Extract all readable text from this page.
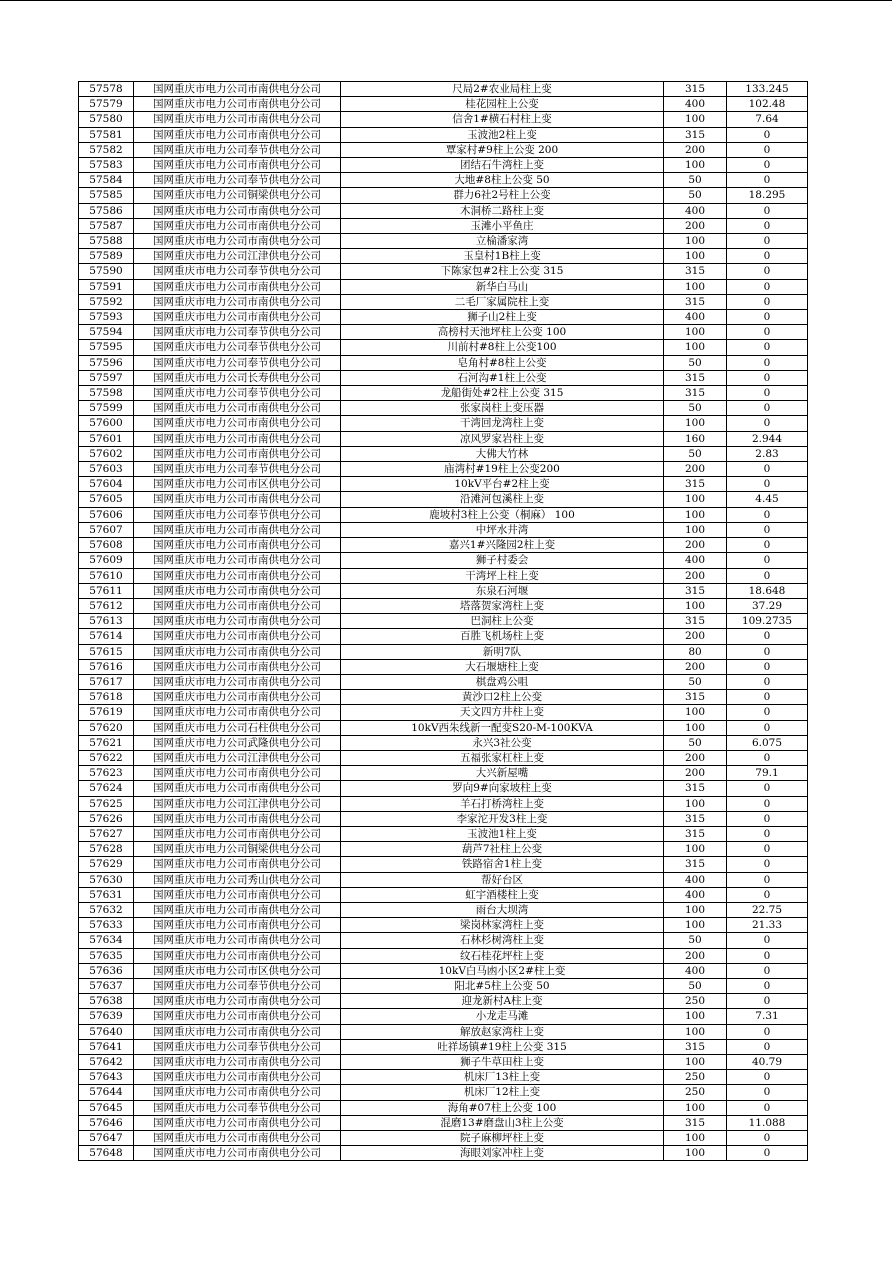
57578	国网重庆市电力公司市南供电分公司	尺局2#农业局柱上变	315	133.245
57579	国网重庆市电力公司市南供电分公司	桂花园柱上公变	400	102.48
57580	国网重庆市电力公司市南供电分公司	信舍1#横石村柱上变	100	7.64
57581	国网重庆市电力公司市南供电分公司	玉波池2柱上变	315	0
57582	国网重庆市电力公司奉节供电分公司	覃家村#9柱上公变 200	200	0
57583	国网重庆市电力公司市南供电分公司	团结石牛湾柱上变	100	0
57584	国网重庆市电力公司奉节供电分公司	大地#8柱上公变 50	50	0
57585	国网重庆市电力公司铜梁供电分公司	群力6社2号柱上公变	50	18.295
57586	国网重庆市电力公司市南供电分公司	木洞桥二路柱上变	400	0
57587	国网重庆市电力公司市南供电分公司	玉滩小平鱼庄	200	0
57588	国网重庆市电力公司市南供电分公司	立棆潘家湾	100	0
57589	国网重庆市电力公司江津供电分公司	玉皇村1B柱上变	100	0
57590	国网重庆市电力公司奉节供电分公司	下陈家包#2柱上公变 315	315	0
57591	国网重庆市电力公司市南供电分公司	新华白马山	100	0
57592	国网重庆市电力公司市南供电分公司	二毛厂家属院柱上变	315	0
57593	国网重庆市电力公司市南供电分公司	狮子山2柱上变	400	0
57594	国网重庆市电力公司奉节供电分公司	高榜村天池坪柱上公变 100	100	0
57595	国网重庆市电力公司奉节供电分公司	川前村#8柱上公变100	100	0
57596	国网重庆市电力公司奉节供电分公司	皂角村#8柱上公变	50	0
57597	国网重庆市电力公司长寿供电分公司	石河沟#1柱上公变	315	0
57598	国网重庆市电力公司奉节供电分公司	龙船街处#2柱上公变 315	315	0
57599	国网重庆市电力公司市南供电分公司	张家岗柱上变压器	50	0
57600	国网重庆市电力公司市南供电分公司	干湾回龙湾柱上变	100	0
57601	国网重庆市电力公司市南供电分公司	凉风罗家岩柱上变	160	2.944
57602	国网重庆市电力公司市南供电分公司	大佛大竹林	50	2.83
57603	国网重庆市电力公司奉节供电分公司	庙湾村#19柱上公变200	200	0
57604	国网重庆市电力公司市区供电分公司	10kV平台#2柱上变	315	0
57605	国网重庆市电力公司市南供电分公司	沿滩河包溪柱上变	100	4.45
57606	国网重庆市电力公司奉节供电分公司	鹿坡村3柱上公变（桐麻） 100	100	0
57607	国网重庆市电力公司市南供电分公司	中坪水井湾	100	0
57608	国网重庆市电力公司市南供电分公司	嘉兴1#兴隆园2柱上变	200	0
57609	国网重庆市电力公司市南供电分公司	狮子村委会	400	0
57610	国网重庆市电力公司市南供电分公司	干湾坪上柱上变	200	0
57611	国网重庆市电力公司市南供电分公司	东泉石河堰	315	18.648
57612	国网重庆市电力公司市南供电分公司	塔落贺家湾柱上变	100	37.29
57613	国网重庆市电力公司市南供电分公司	巴洞柱上公变	315	109.2735
57614	国网重庆市电力公司市南供电分公司	百胜飞机场柱上变	200	0
57615	国网重庆市电力公司市南供电分公司	新明7队	80	0
57616	国网重庆市电力公司市南供电分公司	大石堰塘柱上变	200	0
57617	国网重庆市电力公司市南供电分公司	棋盘鸡公咀	50	0
57618	国网重庆市电力公司市南供电分公司	黄沙口2柱上公变	315	0
57619	国网重庆市电力公司市南供电分公司	天文四方井柱上变	100	0
57620	国网重庆市电力公司石柱供电分公司	10kV西朱线新一配变S20-M-100KVA	100	0
57621	国网重庆市电力公司武隆供电分公司	永兴3社公变	50	6.075
57622	国网重庆市电力公司江津供电分公司	五福张家杠柱上变	200	0
57623	国网重庆市电力公司市南供电分公司	大兴新屋嘴	200	79.1
57624	国网重庆市电力公司市南供电分公司	罗向9#向家坡柱上变	315	0
57625	国网重庆市电力公司江津供电分公司	羊石打桥湾柱上变	100	0
57626	国网重庆市电力公司市南供电分公司	李家沱开发3柱上变	315	0
57627	国网重庆市电力公司市南供电分公司	玉波池1柱上变	315	0
57628	国网重庆市电力公司铜梁供电分公司	葫芦7社柱上公变	100	0
57629	国网重庆市电力公司市南供电分公司	铁路宿舍1柱上变	315	0
57630	国网重庆市电力公司秀山供电分公司	帮好台区	400	0
57631	国网重庆市电力公司市南供电分公司	虹宇酒楼柱上变	400	0
57632	国网重庆市电力公司市南供电分公司	雨台大坝湾	100	22.75
57633	国网重庆市电力公司市南供电分公司	梁岗林家湾柱上变	100	21.33
57634	国网重庆市电力公司市南供电分公司	石林杉树湾柱上变	50	0
57635	国网重庆市电力公司市南供电分公司	纹石桂花坪柱上变	200	0
57636	国网重庆市电力公司市区供电分公司	10kV白马凼小区2#柱上变	400	0
57637	国网重庆市电力公司奉节供电分公司	阳北#5柱上公变 50	50	0
57638	国网重庆市电力公司市南供电分公司	迎龙新村A柱上变	250	0
57639	国网重庆市电力公司市南供电分公司	小龙走马滩	100	7.31
57640	国网重庆市电力公司市南供电分公司	解放赵家湾柱上变	100	0
57641	国网重庆市电力公司奉节供电分公司	吐祥场镇#19柱上公变 315	315	0
57642	国网重庆市电力公司市南供电分公司	狮子牛草田柱上变	100	40.79
57643	国网重庆市电力公司市南供电分公司	机床厂13柱上变	250	0
57644	国网重庆市电力公司市南供电分公司	机床厂12柱上变	250	0
57645	国网重庆市电力公司奉节供电分公司	海角#07柱上公变 100	100	0
57646	国网重庆市电力公司市南供电分公司	混磨13#磨盘山3柱上公变	315	11.088
57647	国网重庆市电力公司市南供电分公司	院子麻柳坪柱上变	100	0
57648	国网重庆市电力公司市南供电分公司	海眼刘家冲柱上变	100	0
